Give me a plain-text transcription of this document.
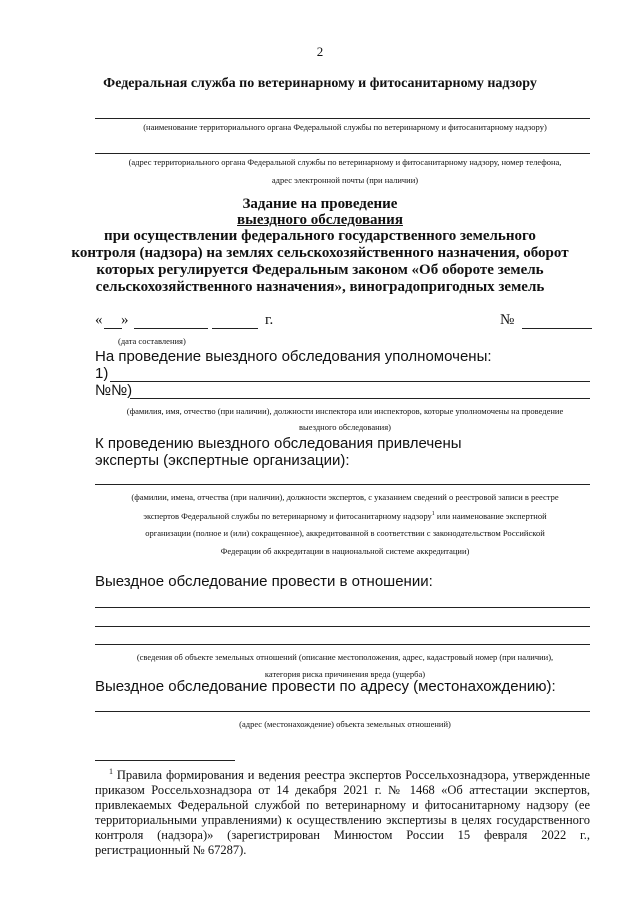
2
Федеральная служба по ветеринарному и фитосанитарному надзору
(наименование территориального органа Федеральной службы по ветеринарному и фитосанитарному надзору)
(адрес территориального органа Федеральной службы по ветеринарному и фитосанитарному надзору, номер телефона,
адрес электронной почты (при наличии)
Задание на проведение
выездного обследования
при осуществлении федерального государственного земельного
контроля (надзора) на землях сельскохозяйственного назначения, оборот
которых регулируется Федеральным законом «Об обороте земель
сельскохозяйственного назначения», виноградопригодных земель
« »	г.	№
(дата составления)
На проведение выездного обследования уполномочены:
1)
№№)
(фамилия, имя, отчество (при наличии), должности инспектора или инспекторов, которые уполномочены на проведение
выездного обследования)
К проведению выездного обследования привлечены
эксперты (экспертные организации):
(фамилии, имена, отчества (при наличии), должности экспертов, с указанием сведений о реестровой записи в реестре
экспертов Федеральной службы по ветеринарному и фитосанитарному надзору$^1$ или наименование экспертной
организации (полное и (или) сокращенное), аккредитованной в соответствии с законодательством Российской
Федерации об аккредитации в национальной системе аккредитации)
Выездное обследование провести в отношении:
(сведения об объекте земельных отношений (описание местоположения, адрес, кадастровый номер (при наличии),
категория риска причинения вреда (ущерба)
Выездное обследование провести по адресу (местонахождению):
(адрес (местонахождение) объекта земельных отношений)
$^1$ Правила формирования и ведения реестра экспертов Россельхознадзора, утвержденные приказом Россельхознадзора от 14 декабря 2021 г. № 1468 «Об аттестации экспертов, привлекаемых Федеральной службой по ветеринарному и фитосанитарному надзору (ее территориальными управлениями) к осуществлению экспертизы в целях государственного контроля (надзора)» (зарегистрирован Минюстом России 15 февраля 2022 г., регистрационный № 67287).
